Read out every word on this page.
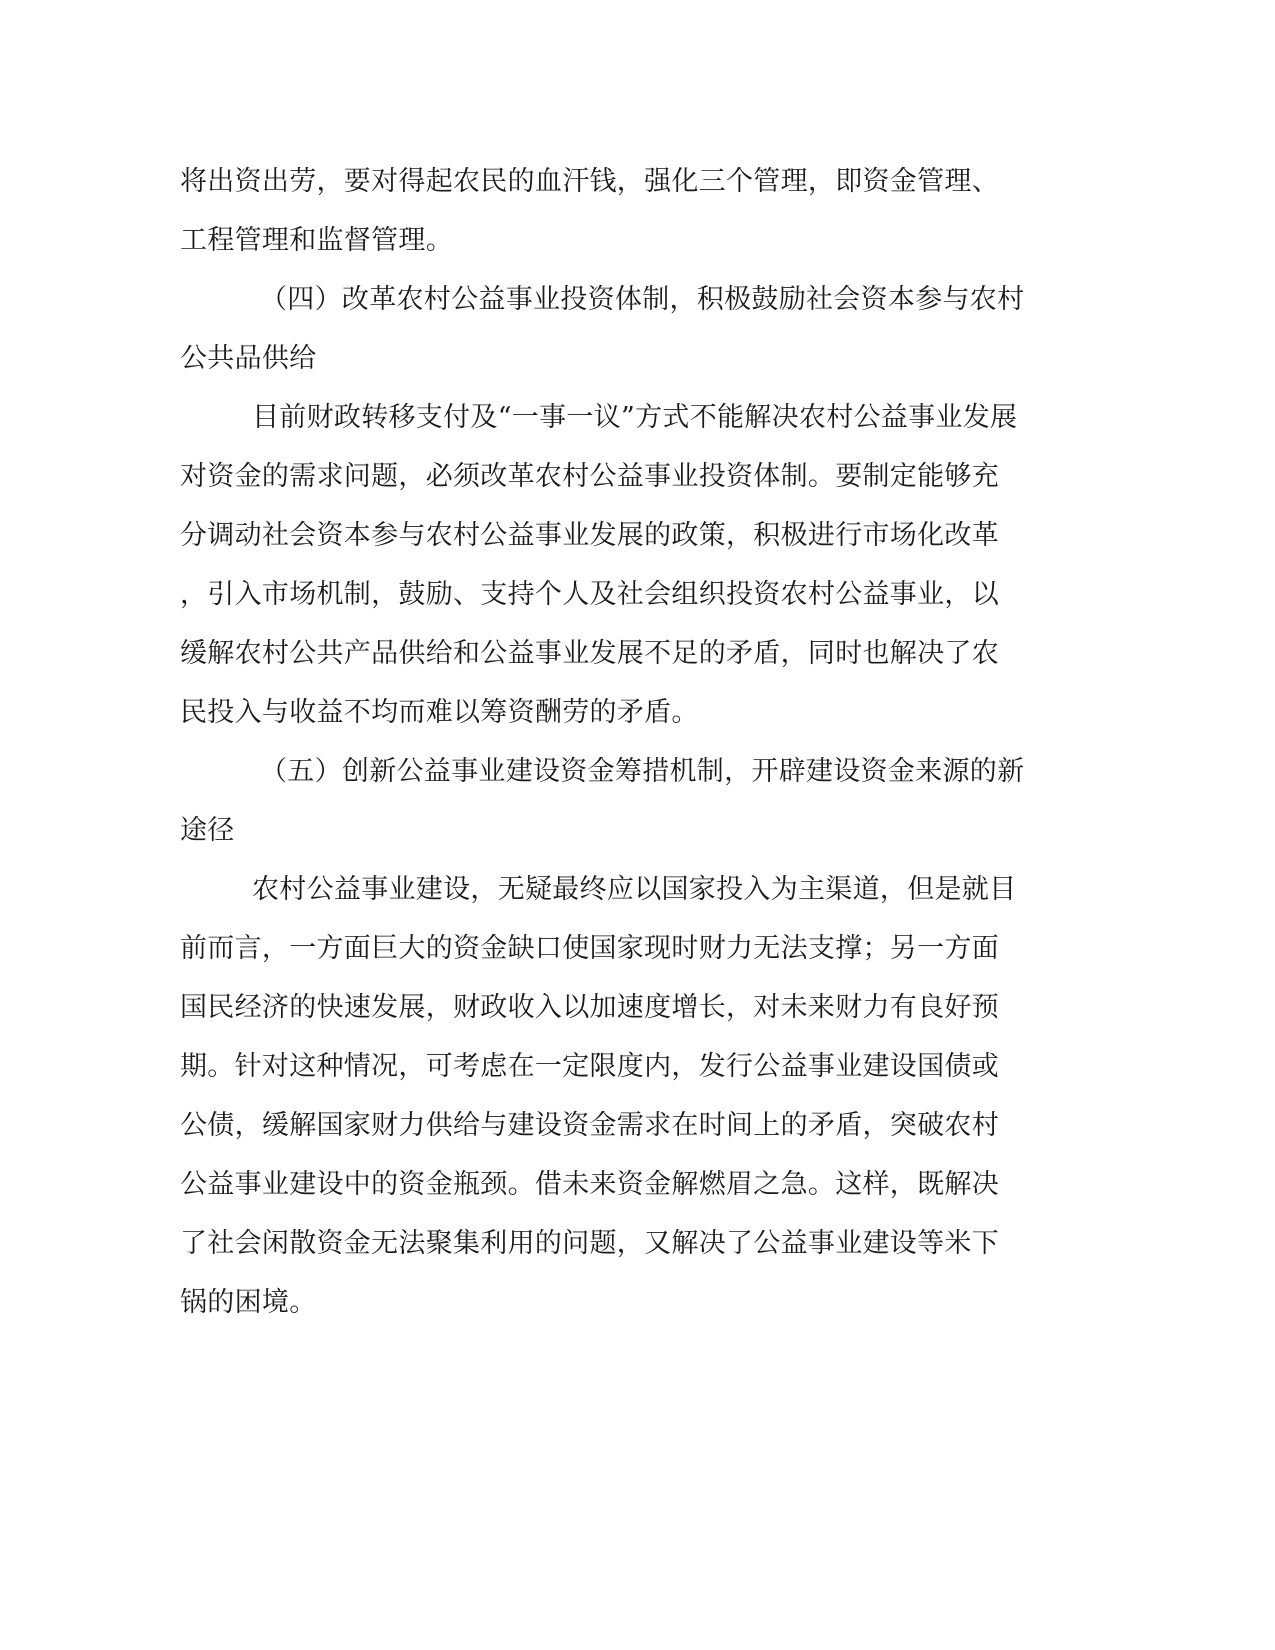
将出资出劳，要对得起农民的血汗钱，强化三个管理，即资金管理、
工程管理和监督管理。
（四）改革农村公益事业投资体制，积极鼓励社会资本参与农村
公共品供给
目前财政转移支付及“一事一议”方式不能解决农村公益事业发展
对资金的需求问题，必须改革农村公益事业投资体制。要制定能够充
分调动社会资本参与农村公益事业发展的政策，积极进行市场化改革
，引入市场机制，鼓励、支持个人及社会组织投资农村公益事业，以
缓解农村公共产品供给和公益事业发展不足的矛盾，同时也解决了农
民投入与收益不均而难以筹资酬劳的矛盾。
（五）创新公益事业建设资金筹措机制，开辟建设资金来源的新
途径
农村公益事业建设，无疑最终应以国家投入为主渠道，但是就目
前而言，一方面巨大的资金缺口使国家现时财力无法支撑；另一方面
国民经济的快速发展，财政收入以加速度增长，对未来财力有良好预
期。针对这种情况，可考虑在一定限度内，发行公益事业建设国债或
公债，缓解国家财力供给与建设资金需求在时间上的矛盾，突破农村
公益事业建设中的资金瓶颈。借未来资金解燃眉之急。这样，既解决
了社会闲散资金无法聚集利用的问题，又解决了公益事业建设等米下
锅的困境。
